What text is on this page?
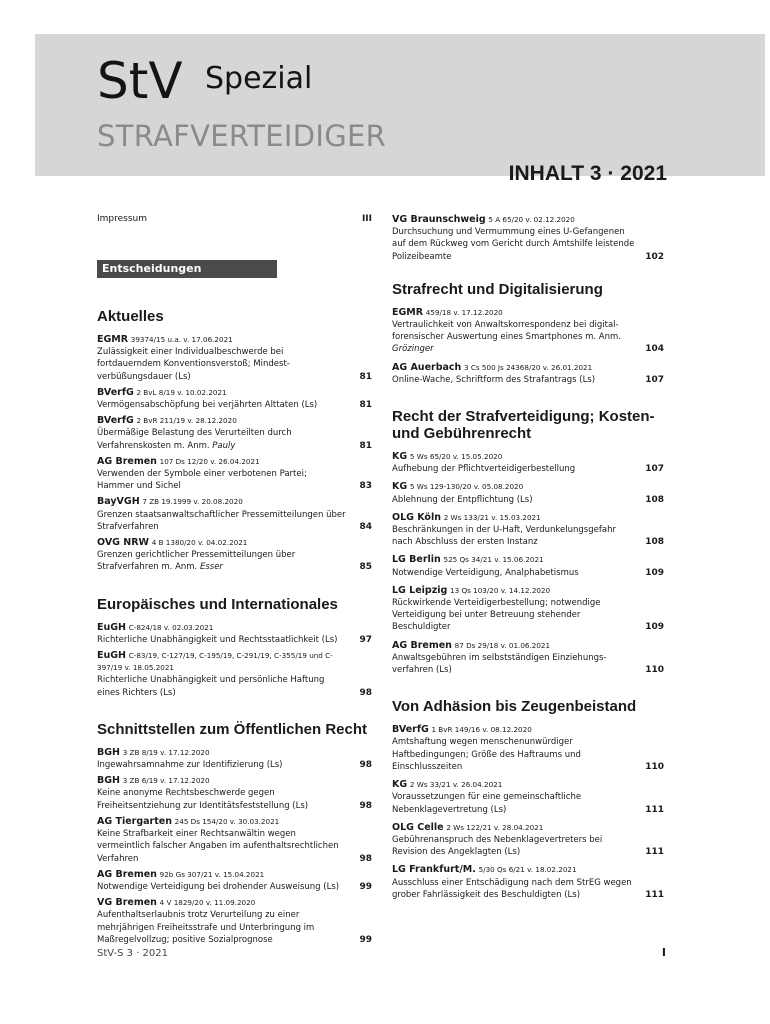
StV Spezial
STRAFVERTEIDIGER
INHALT 3 · 2021
Impressum	III
Entscheidungen
Aktuelles
EGMR 39374/15 u.a. v. 17.06.2021
Zulässigkeit einer Individualbeschwerde bei fortdauerndem Konventionsverstoß; Mindest-verbüßungsdauer (Ls)	81
BVerfG 2 BvL 8/19 v. 10.02.2021
Vermögensabschöpfung bei verjährten Alttaten (Ls)	81
BVerfG 2 BvR 211/19 v. 28.12.2020
Übermäßige Belastung des Verurteilten durch Verfahrenskosten m. Anm. Pauly	81
AG Bremen 107 Ds 12/20 v. 26.04.2021
Verwenden der Symbole einer verbotenen Partei; Hammer und Sichel	83
BayVGH 7 ZB 19.1999 v. 20.08.2020
Grenzen staatsanwaltschaftlicher Pressemitteilungen über Strafverfahren	84
OVG NRW 4 B 1380/20 v. 04.02.2021
Grenzen gerichtlicher Pressemitteilungen über Strafverfahren m. Anm. Esser	85
Europäisches und Internationales
EuGH C-824/18 v. 02.03.2021
Richterliche Unabhängigkeit und Rechtsstaatlichkeit (Ls) 97
EuGH C-83/19, C-127/19, C-195/19, C-291/19, C-355/19 und C-397/19 v. 18.05.2021
Richterliche Unabhängigkeit und persönliche Haftung eines Richters (Ls)	98
Schnittstellen zum Öffentlichen Recht
BGH 3 ZB 8/19 v. 17.12.2020
Ingewahrsamnahme zur Identifizierung (Ls)	98
BGH 3 ZB 6/19 v. 17.12.2020
Keine anonyme Rechtsbeschwerde gegen Freiheitsentziehung zur Identitätsfeststellung (Ls)	98
AG Tiergarten 245 Ds 154/20 v. 30.03.2021
Keine Strafbarkeit einer Rechtsanwältin wegen vermeintlich falscher Angaben im aufenthaltsrechtlichen Verfahren	98
AG Bremen 92b Gs 307/21 v. 15.04.2021
Notwendige Verteidigung bei drohender Ausweisung (Ls) 99
VG Bremen 4 V 1829/20 v. 11.09.2020
Aufenthaltserlaubnis trotz Verurteilung zu einer mehrjährigen Freiheitsstrafe und Unterbringung im Maßregelvollzug; positive Sozialprognose	99
VG Braunschweig 5 A 65/20 v. 02.12.2020
Durchsuchung und Vermummung eines U-Gefangenen auf dem Rückweg vom Gericht durch Amtshilfe leistende Polizeibeamte	102
Strafrecht und Digitalisierung
EGMR 459/18 v. 17.12.2020
Vertraulichkeit von Anwaltskorrespondenz bei digital-forensischer Auswertung eines Smartphones m. Anm. Grözinger	104
AG Auerbach 3 Cs 500 Js 24368/20 v. 26.01.2021
Online-Wache, Schriftform des Strafantrags (Ls)	107
Recht der Strafverteidigung; Kosten- und Gebührenrecht
KG 5 Ws 65/20 v. 15.05.2020
Aufhebung der Pflichtverteidigerbestellung	107
KG 5 Ws 129-130/20 v. 05.08.2020
Ablehnung der Entpflichtung (Ls)	108
OLG Köln 2 Ws 133/21 v. 15.03.2021
Beschränkungen in der U-Haft, Verdunkelungsgefahr nach Abschluss der ersten Instanz	108
LG Berlin 525 Qs 34/21 v. 15.06.2021
Notwendige Verteidigung, Analphabetismus	109
LG Leipzig 13 Qs 103/20 v. 14.12.2020
Rückwirkende Verteidigerbestellung; notwendige Verteidigung bei unter Betreuung stehender Beschuldigter	109
AG Bremen 87 Ds 29/18 v. 01.06.2021
Anwaltsgebühren im selbstständigen Einziehungs-verfahren (Ls)	110
Von Adhäsion bis Zeugenbeistand
BVerfG 1 BvR 149/16 v. 08.12.2020
Amtshaftung wegen menschenunwürdiger Haftbedingungen; Größe des Haftraums und Einschlusszeiten	110
KG 2 Ws 33/21 v. 26.04.2021
Voraussetzungen für eine gemeinschaftliche Nebenklagevertretung (Ls)	111
OLG Celle 2 Ws 122/21 v. 28.04.2021
Gebührenanspruch des Nebenklagevertreters bei Revision des Angeklagten (Ls)	111
LG Frankfurt/M. 5/30 Qs 6/21 v. 18.02.2021
Ausschluss einer Entschädigung nach dem StrEG wegen grober Fahrlässigkeit des Beschuldigten (Ls)	111
StV-S 3 · 2021	I
